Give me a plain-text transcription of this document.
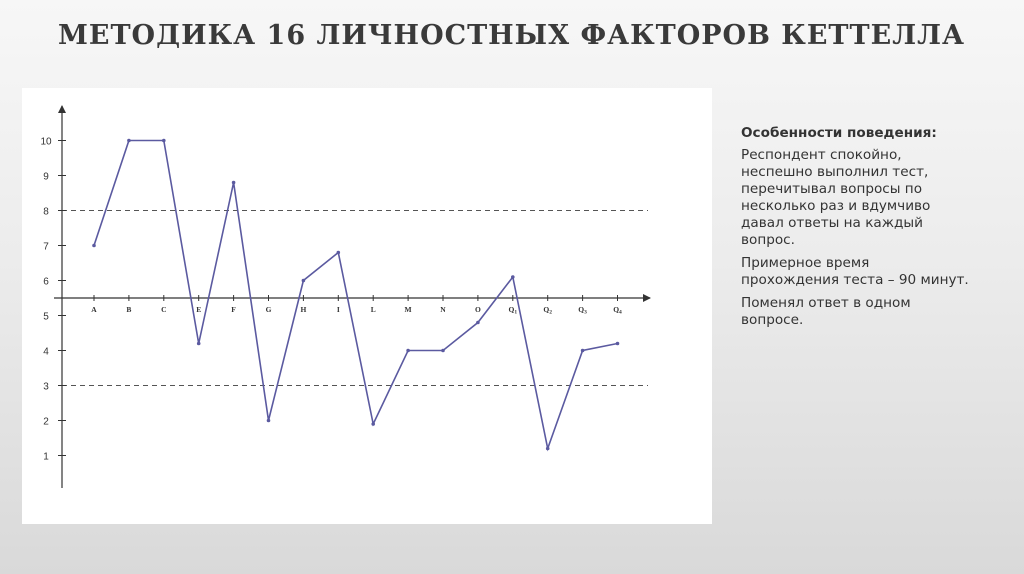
МЕТОДИКА 16 ЛИЧНОСТНЫХ ФАКТОРОВ КЕТТЕЛЛА
1
2
3
4
5
6
7
8
9
10
A	B	C	E	F	G	H	I	L	M	N	O	$Q_1$	$Q_2$	$Q_3$	$Q_4$
Особенности поведения:

Респондент спокойно, неспешно выполнил тест, перечитывал вопросы по несколько раз и вдумчиво давал ответы на каждый вопрос.

Примерное время прохождения теста – 90 минут.

Поменял ответ в одном вопросе.
